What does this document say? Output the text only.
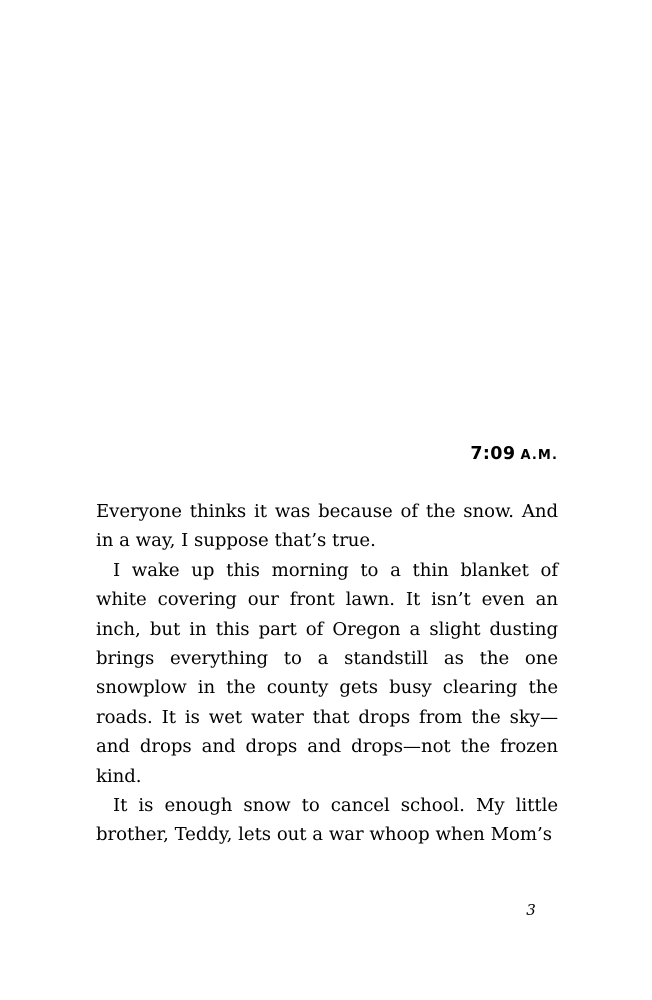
7:09 A.M.

Everyone thinks it was because of the snow. And in a way, I suppose that’s true.

I wake up this morning to a thin blanket of white covering our front lawn. It isn’t even an inch, but in this part of Oregon a slight dusting brings everything to a standstill as the one snowplow in the county gets busy clearing the roads. It is wet water that drops from the sky—and drops and drops and drops—not the frozen kind.

It is enough snow to cancel school. My little brother, Teddy, lets out a war whoop when Mom’s

3
